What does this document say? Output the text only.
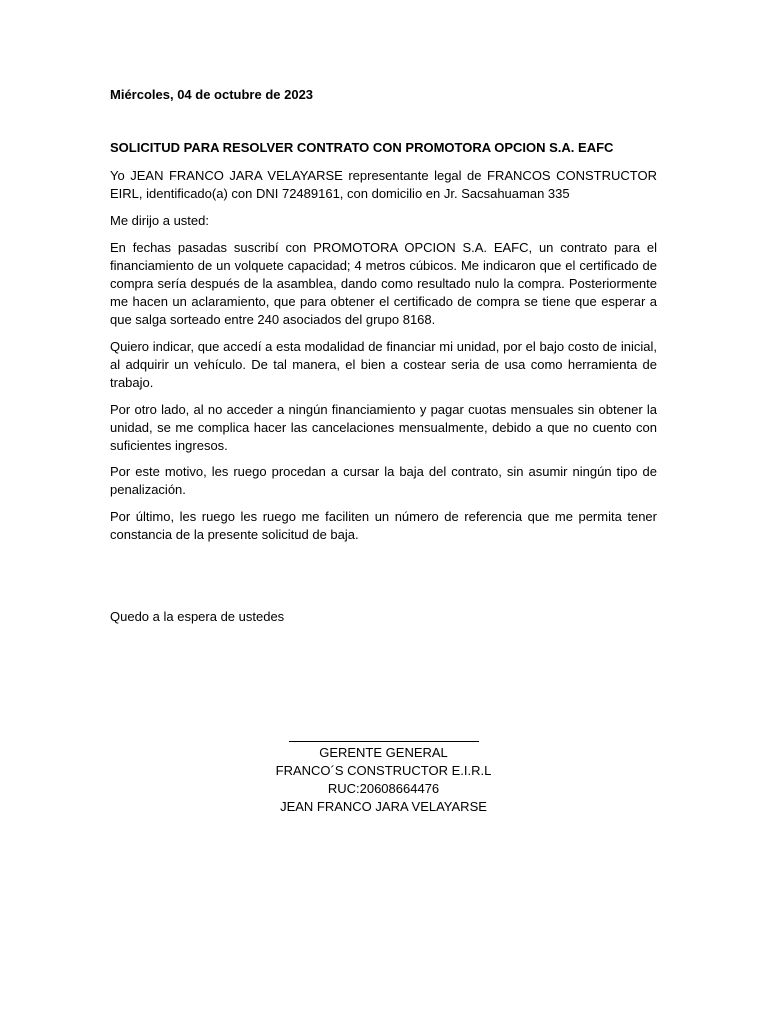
Miércoles, 04 de octubre de 2023

SOLICITUD PARA RESOLVER CONTRATO CON PROMOTORA OPCION S.A. EAFC

Yo JEAN FRANCO JARA VELAYARSE representante legal de FRANCOS CONSTRUCTOR EIRL, identificado(a) con DNI 72489161, con domicilio en Jr. Sacsahuaman 335

Me dirijo a usted:

En fechas pasadas suscribí con PROMOTORA OPCION S.A. EAFC, un contrato para el financiamiento de un volquete capacidad; 4 metros cúbicos. Me indicaron que el certificado de compra sería después de la asamblea, dando como resultado nulo la compra. Posteriormente me hacen un aclaramiento, que para obtener el certificado de compra se tiene que esperar a que salga sorteado entre 240 asociados del grupo 8168.

Quiero indicar, que accedí a esta modalidad de financiar mi unidad, por el bajo costo de inicial, al adquirir un vehículo. De tal manera, el bien a costear seria de usa como herramienta de trabajo.

Por otro lado, al no acceder a ningún financiamiento y pagar cuotas mensuales sin obtener la unidad, se me complica hacer las cancelaciones mensualmente, debido a que no cuento con suficientes ingresos.

Por este motivo, les ruego procedan a cursar la baja del contrato, sin asumir ningún tipo de penalización.

Por último, les ruego les ruego me faciliten un número de referencia que me permita tener constancia de la presente solicitud de baja.

Quedo a la espera de ustedes

GERENTE GENERAL
FRANCO´S CONSTRUCTOR E.I.R.L
RUC:20608664476
JEAN FRANCO JARA VELAYARSE
